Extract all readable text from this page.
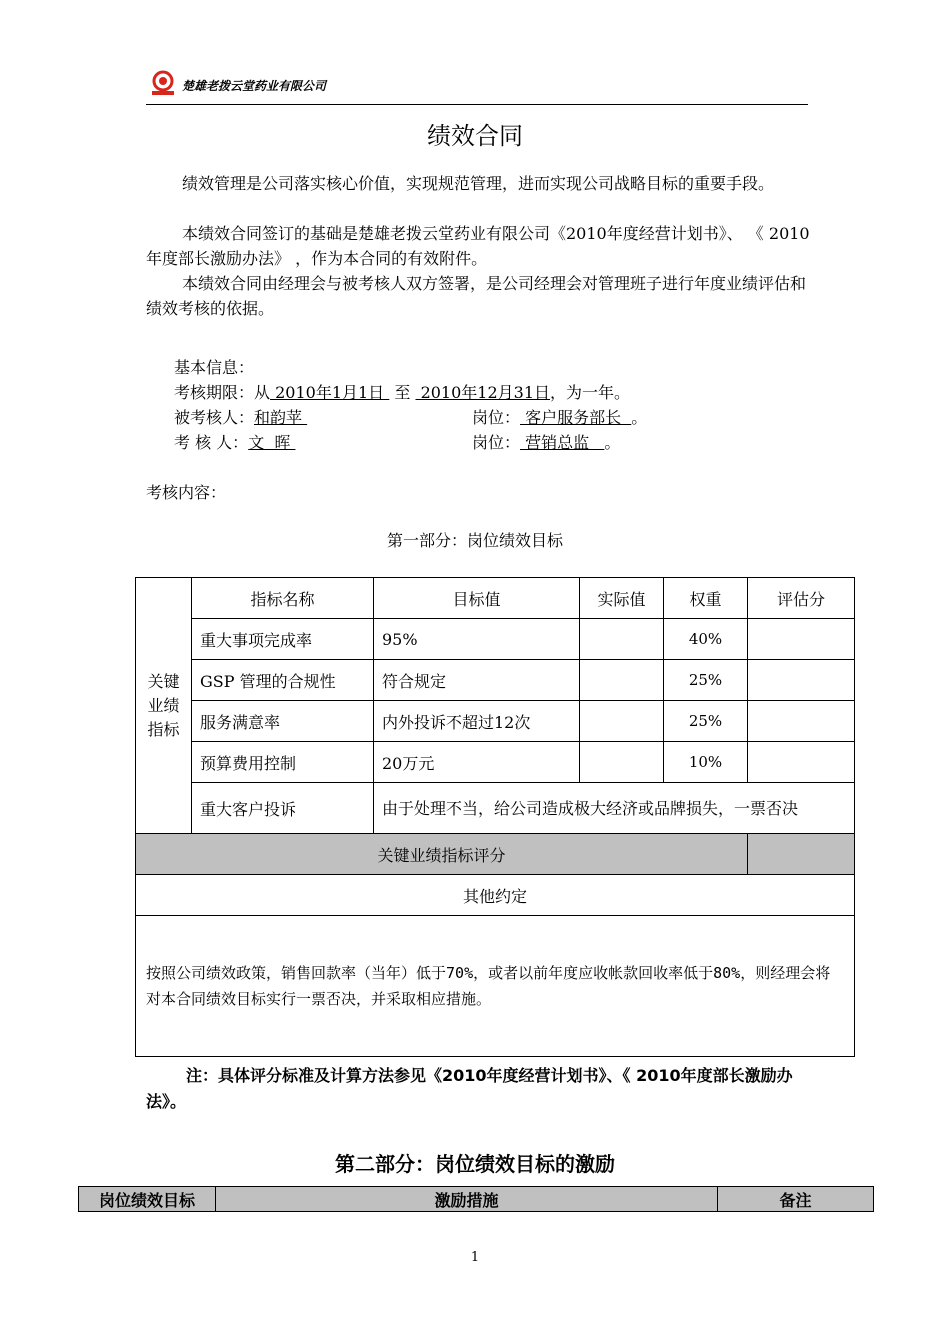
楚雄老拨云堂药业有限公司
绩效合同
绩效管理是公司落实核心价值，实现规范管理，进而实现公司战略目标的重要手段。
本绩效合同签订的基础是楚雄老拨云堂药业有限公司《2010年度经营计划书》、 《 2010年度部长激励办法》 ，作为本合同的有效附件。
本绩效合同由经理会与被考核人双方签署，是公司经理会对管理班子进行年度业绩评估和绩效考核的依据。
基本信息：
考核期限：从 2010年1月1日  至  2010年12月31日，为一年。
被考核人：和韵苹	岗位： 客户服务部长  。
考 核 人：文  晖	岗位： 营销总监   。
考核内容：
第一部分：岗位绩效目标
关键业绩指标	指标名称	目标值	实际值	权重	评估分
	重大事项完成率	95%		40%	
	GSP 管理的合规性	符合规定		25%	
	服务满意率	内外投诉不超过12次		25%	
	预算费用控制	20万元		10%	
	重大客户投诉	由于处理不当，给公司造成极大经济或品牌损失，一票否决			
关键业绩指标评分					
其他约定					
按照公司绩效政策，销售回款率（当年）低于70%，或者以前年度应收帐款回收率低于80%，则经理会将对本合同绩效目标实行一票否决，并采取相应措施。					
注：具体评分标准及计算方法参见《2010年度经营计划书》、《 2010年度部长激励办法》。
第二部分：岗位绩效目标的激励
岗位绩效目标	激励措施	备注
1
